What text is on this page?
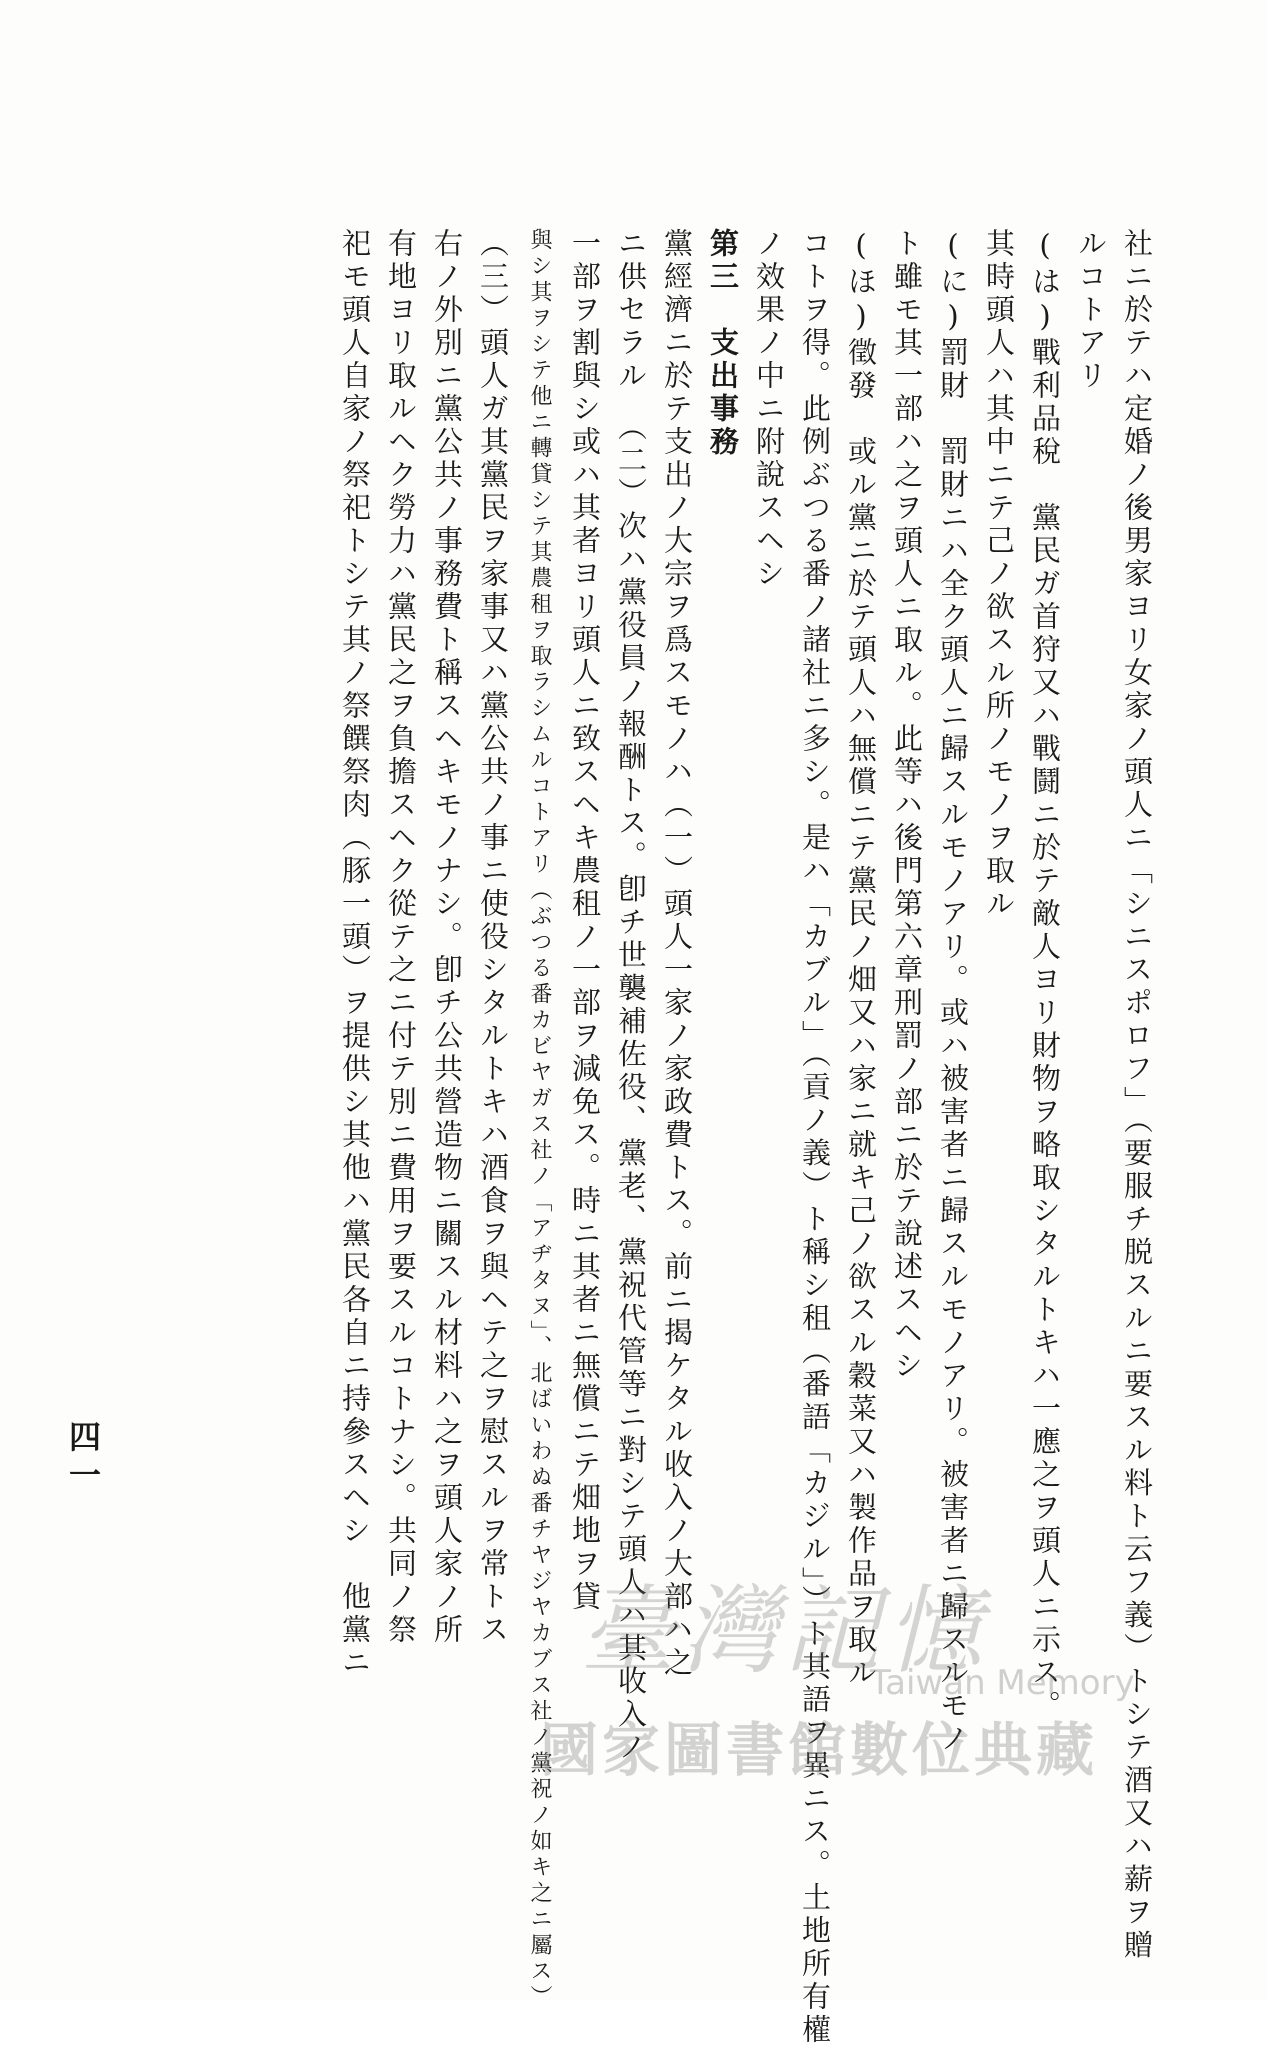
社ニ於テハ定婚ノ後男家ヨリ女家ノ頭人ニ「シニスポロフ」（要服チ脱スルニ要スル料ト云フ義）トシテ酒又ハ薪ヲ贈
ルコトアリ
(は)戰利品稅　黨民ガ首狩又ハ戰鬪ニ於テ敵人ヨリ財物ヲ略取シタルトキハ一應之ヲ頭人ニ示ス。
其時頭人ハ其中ニテ己ノ欲スル所ノモノヲ取ル
(に)罰財　罰財ニハ全ク頭人ニ歸スルモノアリ。或ハ被害者ニ歸スルモノアリ。被害者ニ歸スルモノ
ト雖モ其一部ハ之ヲ頭人ニ取ル。此等ハ後門第六章刑罰ノ部ニ於テ說述スヘシ
(ほ)徵發　或ル黨ニ於テ頭人ハ無償ニテ黨民ノ畑又ハ家ニ就キ己ノ欲スル穀菜又ハ製作品ヲ取ル
コトヲ得。此例ぶつる番ノ諸社ニ多シ。是ハ「カブル」（貢ノ義）ト稱シ租（番語「カジル」）ト其語ヲ異ニス。土地所有權
ノ效果ノ中ニ附說スヘシ
第三　支出事務
黨經濟ニ於テ支出ノ大宗ヲ爲スモノハ（一）頭人一家ノ家政費トス。前ニ揭ケタル收入ノ大部ハ之
ニ供セラル　（二）次ハ黨役員ノ報酬トス。卽チ世襲補佐役、黨老、黨祝代管等ニ對シテ頭人ハ其收入ノ
一部ヲ割與シ或ハ其者ヨリ頭人ニ致スヘキ農租ノ一部ヲ減免ス。時ニ其者ニ無償ニテ畑地ヲ貸
與シ其ヲシテ他ニ轉貸シテ其農租ヲ取ラシムルコトアリ（ぶつる番カビヤガス社ノ「アヂタヌ」、北ばいわぬ番チヤジヤカブス社ノ黨祝ノ如キ之ニ屬ス）
（三）頭人ガ其黨民ヲ家事又ハ黨公共ノ事ニ使役シタルトキハ酒食ヲ與ヘテ之ヲ慰スルヲ常トス
右ノ外別ニ黨公共ノ事務費ト稱スヘキモノナシ。卽チ公共營造物ニ關スル材料ハ之ヲ頭人家ノ所
有地ヨリ取ルヘク勞力ハ黨民之ヲ負擔スヘク從テ之ニ付テ別ニ費用ヲ要スルコトナシ。共同ノ祭
祀モ頭人自家ノ祭祀トシテ其ノ祭饌祭肉（豚一頭）ヲ提供シ其他ハ黨民各自ニ持參スヘシ　他黨ニ
四一
臺灣記憶
Taiwan Memory
國家圖書館數位典藏
